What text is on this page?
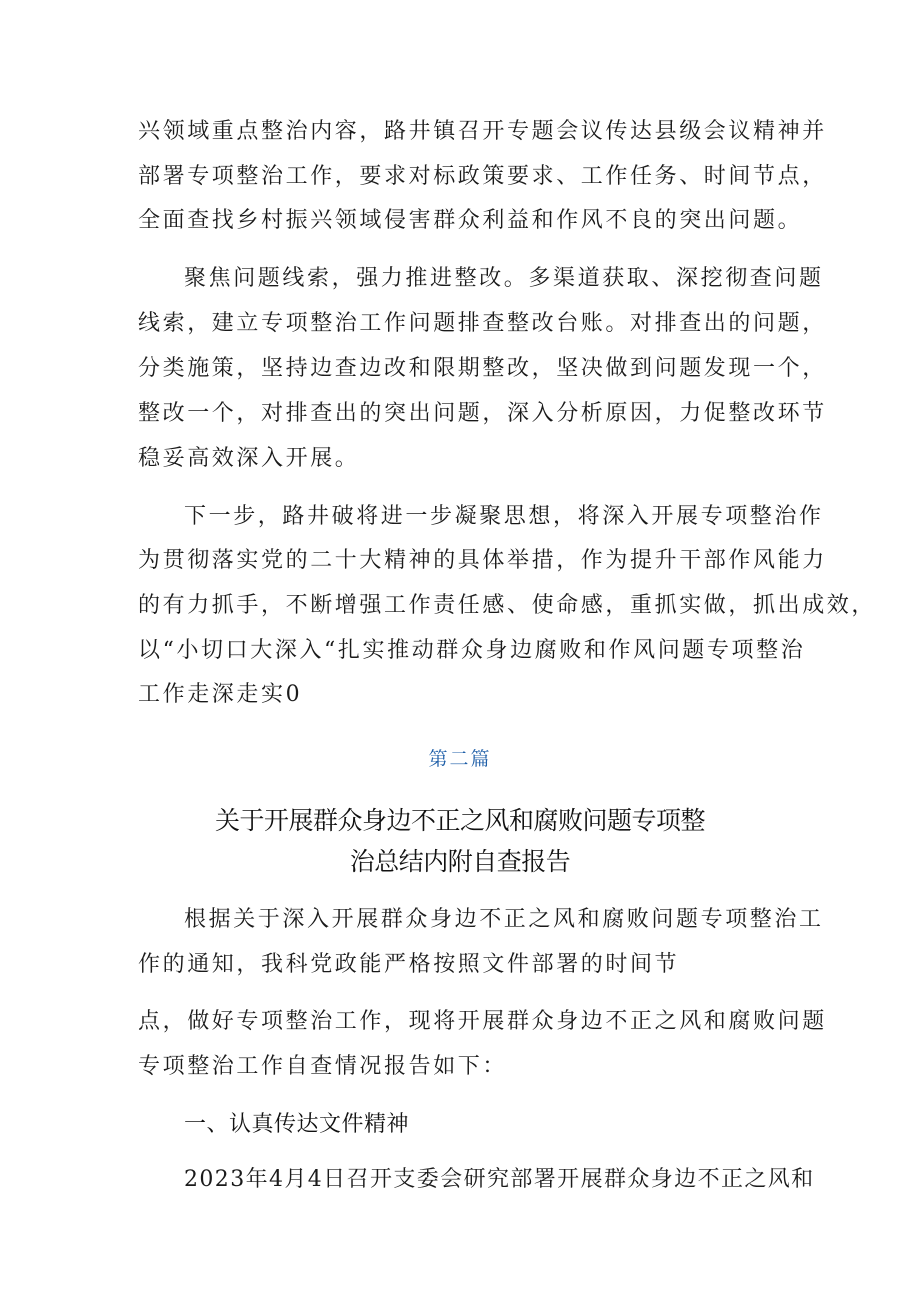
兴领域重点整治内容，路井镇召开专题会议传达县级会议精神并
部署专项整治工作，要求对标政策要求、工作任务、时间节点，
全面查找乡村振兴领域侵害群众利益和作风不良的突出问题。
聚焦问题线索，强力推进整改。多渠道获取、深挖彻查问题
线索，建立专项整治工作问题排查整改台账。对排查出的问题，
分类施策，坚持边查边改和限期整改，坚决做到问题发现一个，
整改一个，对排查出的突出问题，深入分析原因，力促整改环节
稳妥高效深入开展。
下一步，路井破将进一步凝聚思想，将深入开展专项整治作
为贯彻落实党的二十大精神的具体举措，作为提升干部作风能力
的有力抓手，不断增强工作责任感、使命感，重抓实做，抓出成效，
以“小切口大深入“扎实推动群众身边腐败和作风问题专项整治
工作走深走实0
第二篇
关于开展群众身边不正之风和腐败问题专项整
治总结内附自查报告
根据关于深入开展群众身边不正之风和腐败问题专项整治工
作的通知，我科党政能严格按照文件部署的时间节
点，做好专项整治工作，现将开展群众身边不正之风和腐败问题
专项整治工作自查情况报告如下：
一、认真传达文件精神
2023年4月4日召开支委会研究部署开展群众身边不正之风和
